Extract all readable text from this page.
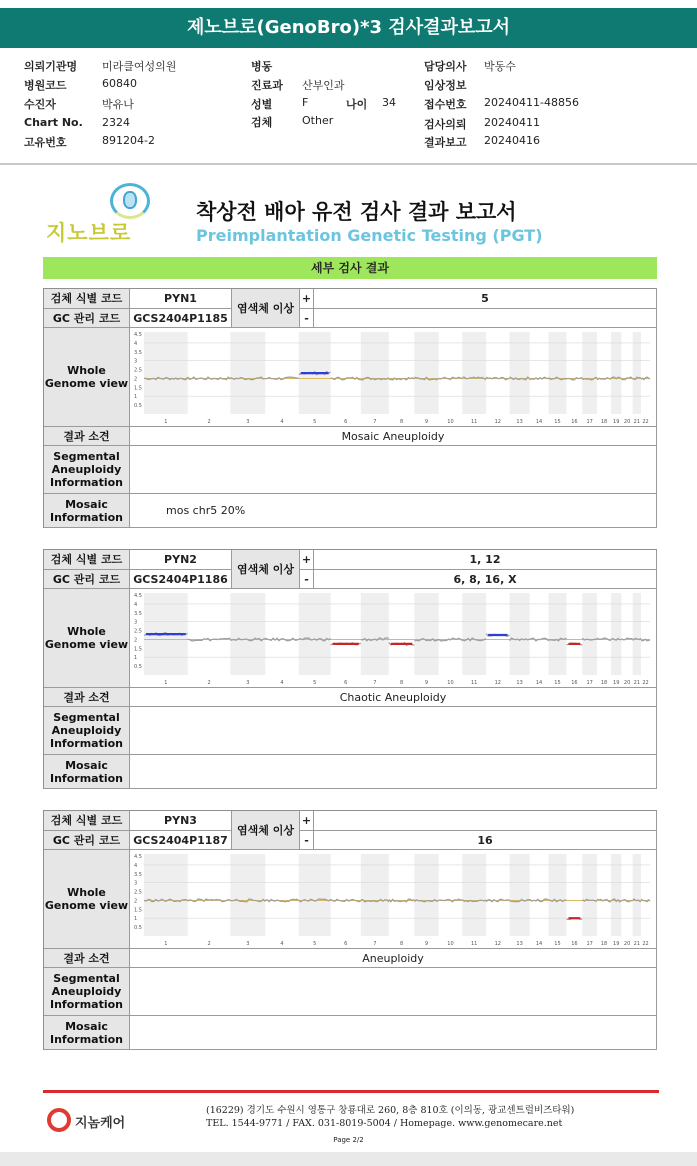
제노브로(GenoBro)*3 검사결과보고서
의뢰기관명 미라클여성의원
병원코드	60840
수진자	박유나
Chart No. 2324
고유번호	891204-2
병동
진료과 산부인과
성별	F	나이 34
검체	Other
담당의사 박동수
임상정보
접수번호 20240411-48856
검사의뢰 20240411
결과보고 20240416
지노브로
착상전 배아 유전 검사 결과 보고서
Preimplantation Genetic Testing (PGT)
세부 검사 결과
검체 식별 코드	PYN1
염색체 이상
+	5
GC 관리 코드	GCS2404P1185	-
Whole Genome view
4.5
4
3.5
3
2.5
2
1.5
1
0.5
1	2	3	4	5	6	7	8	9	10	11	12	13	14 15 16 17 18 19 20 21 22
결과 소견	Mosaic Aneuploidy
Segmental Aneuploidy Information
Mosaic Information	mos chr5 20%
검체 식별 코드	PYN2
염색체 이상
+	1, 12
GC 관리 코드	GCS2404P1186	-	6, 8, 16, X
Whole Genome view
4.5
4
3.5
3
2.5
2
1.5
1
0.5
1	2	3	4	5	6	7	8	9	10	11	12	13	14 15 16 17 18 19 20 21 22
결과 소견	Chaotic Aneuploidy
Segmental Aneuploidy Information
Mosaic Information
검체 식별 코드	PYN3
염색체 이상
+
GC 관리 코드	GCS2404P1187	-	16
Whole Genome view
4.5
4
3.5
3
2.5
2
1.5
1
0.5
1	2	3	4	5	6	7	8	9	10	11	12	13	14 15 16 17 18 19 20 21 22
결과 소견	Aneuploidy
Segmental Aneuploidy Information
Mosaic Information
지놈케어
(16229) 경기도 수원시 영통구 창룡대로 260, 8층 810호 (이의동, 광교센트럴비즈타워)
TEL. 1544-9771 / FAX. 031-8019-5004 / Homepage. www.genomecare.net
Page 2/2
